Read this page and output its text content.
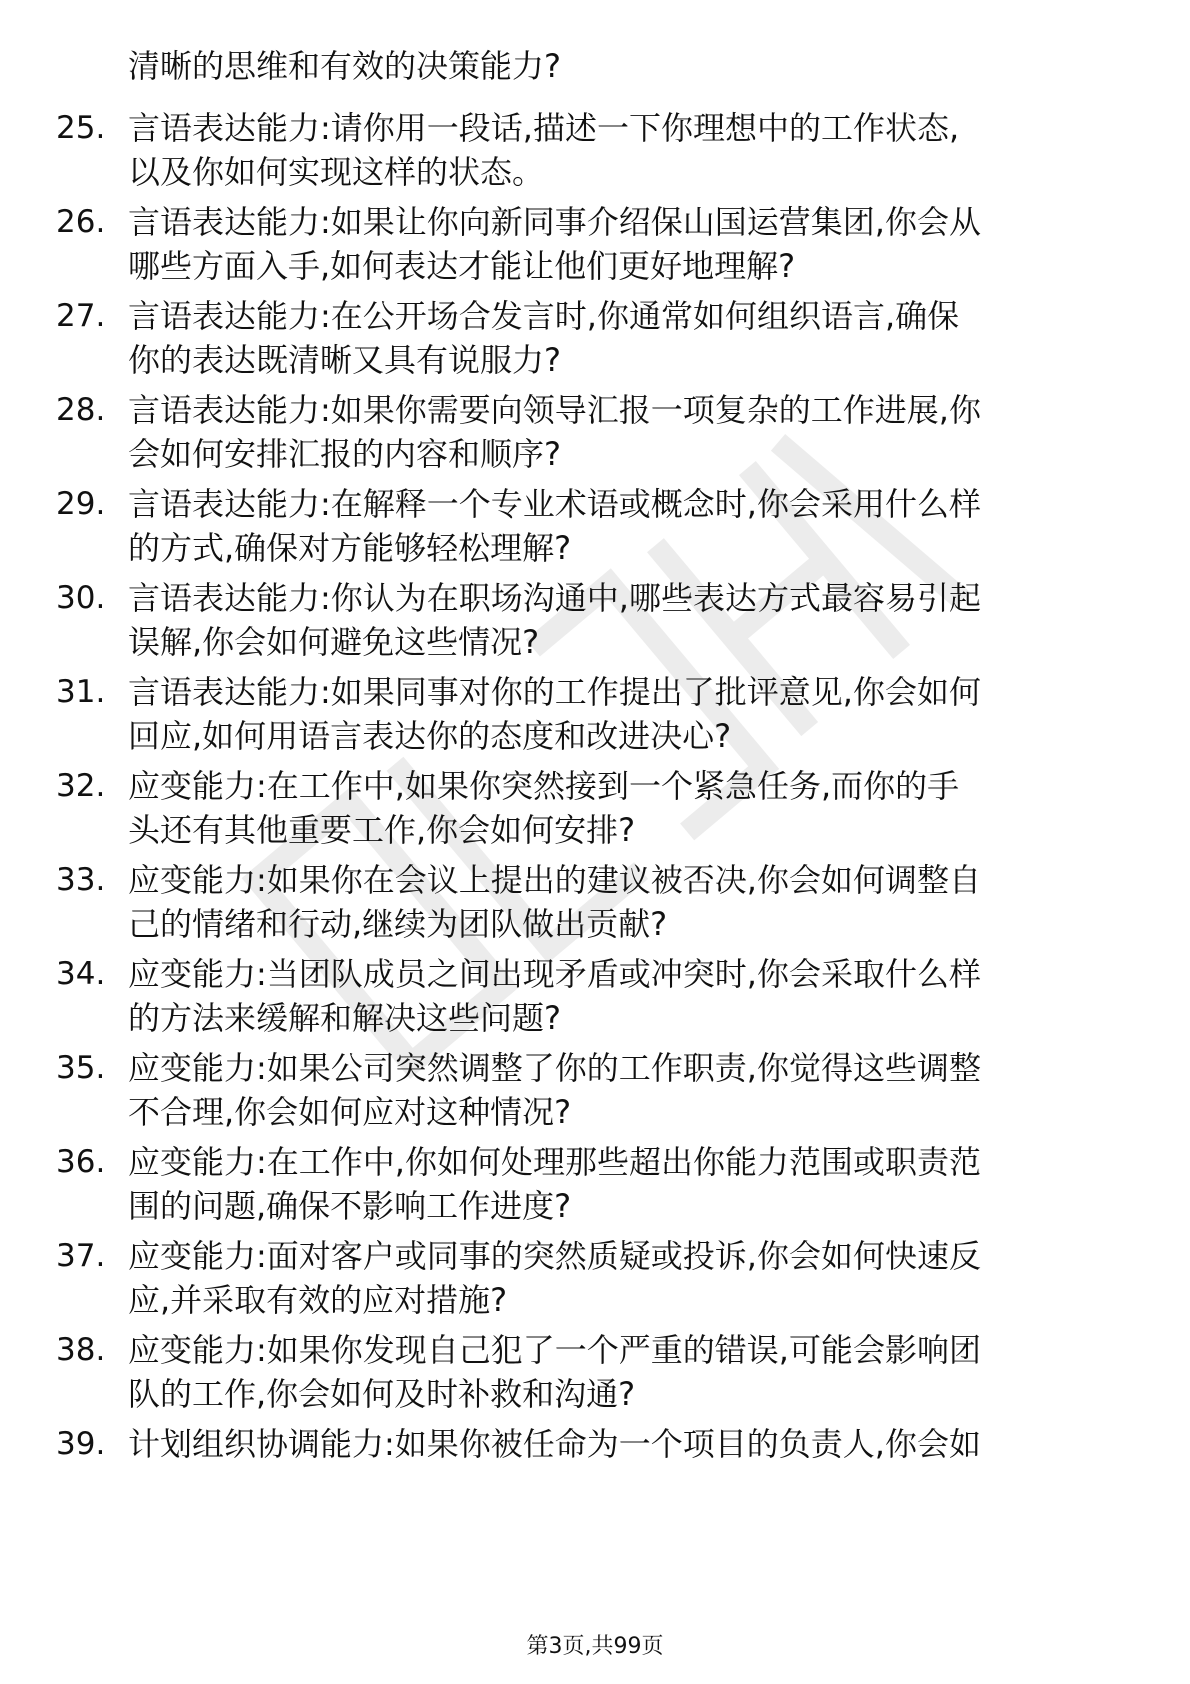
清晰的思维和有效的决策能力?
25. 言语表达能力:请你用一段话,描述一下你理想中的工作状态,
以及你如何实现这样的状态。
26. 言语表达能力:如果让你向新同事介绍保山国运营集团,你会从
哪些方面入手,如何表达才能让他们更好地理解?
27. 言语表达能力:在公开场合发言时,你通常如何组织语言,确保
你的表达既清晰又具有说服力?
28. 言语表达能力:如果你需要向领导汇报一项复杂的工作进展,你
会如何安排汇报的内容和顺序?
29. 言语表达能力:在解释一个专业术语或概念时,你会采用什么样
的方式,确保对方能够轻松理解?
30. 言语表达能力:你认为在职场沟通中,哪些表达方式最容易引起
误解,你会如何避免这些情况?
31. 言语表达能力:如果同事对你的工作提出了批评意见,你会如何
回应,如何用语言表达你的态度和改进决心?
32. 应变能力:在工作中,如果你突然接到一个紧急任务,而你的手
头还有其他重要工作,你会如何安排?
33. 应变能力:如果你在会议上提出的建议被否决,你会如何调整自
己的情绪和行动,继续为团队做出贡献?
34. 应变能力:当团队成员之间出现矛盾或冲突时,你会采取什么样
的方法来缓解和解决这些问题?
35. 应变能力:如果公司突然调整了你的工作职责,你觉得这些调整
不合理,你会如何应对这种情况?
36. 应变能力:在工作中,你如何处理那些超出你能力范围或职责范
围的问题,确保不影响工作进度?
37. 应变能力:面对客户或同事的突然质疑或投诉,你会如何快速反
应,并采取有效的应对措施?
38. 应变能力:如果你发现自己犯了一个严重的错误,可能会影响团
队的工作,你会如何及时补救和沟通?
39. 计划组织协调能力:如果你被任命为一个项目的负责人,你会如
第3页,共99页
